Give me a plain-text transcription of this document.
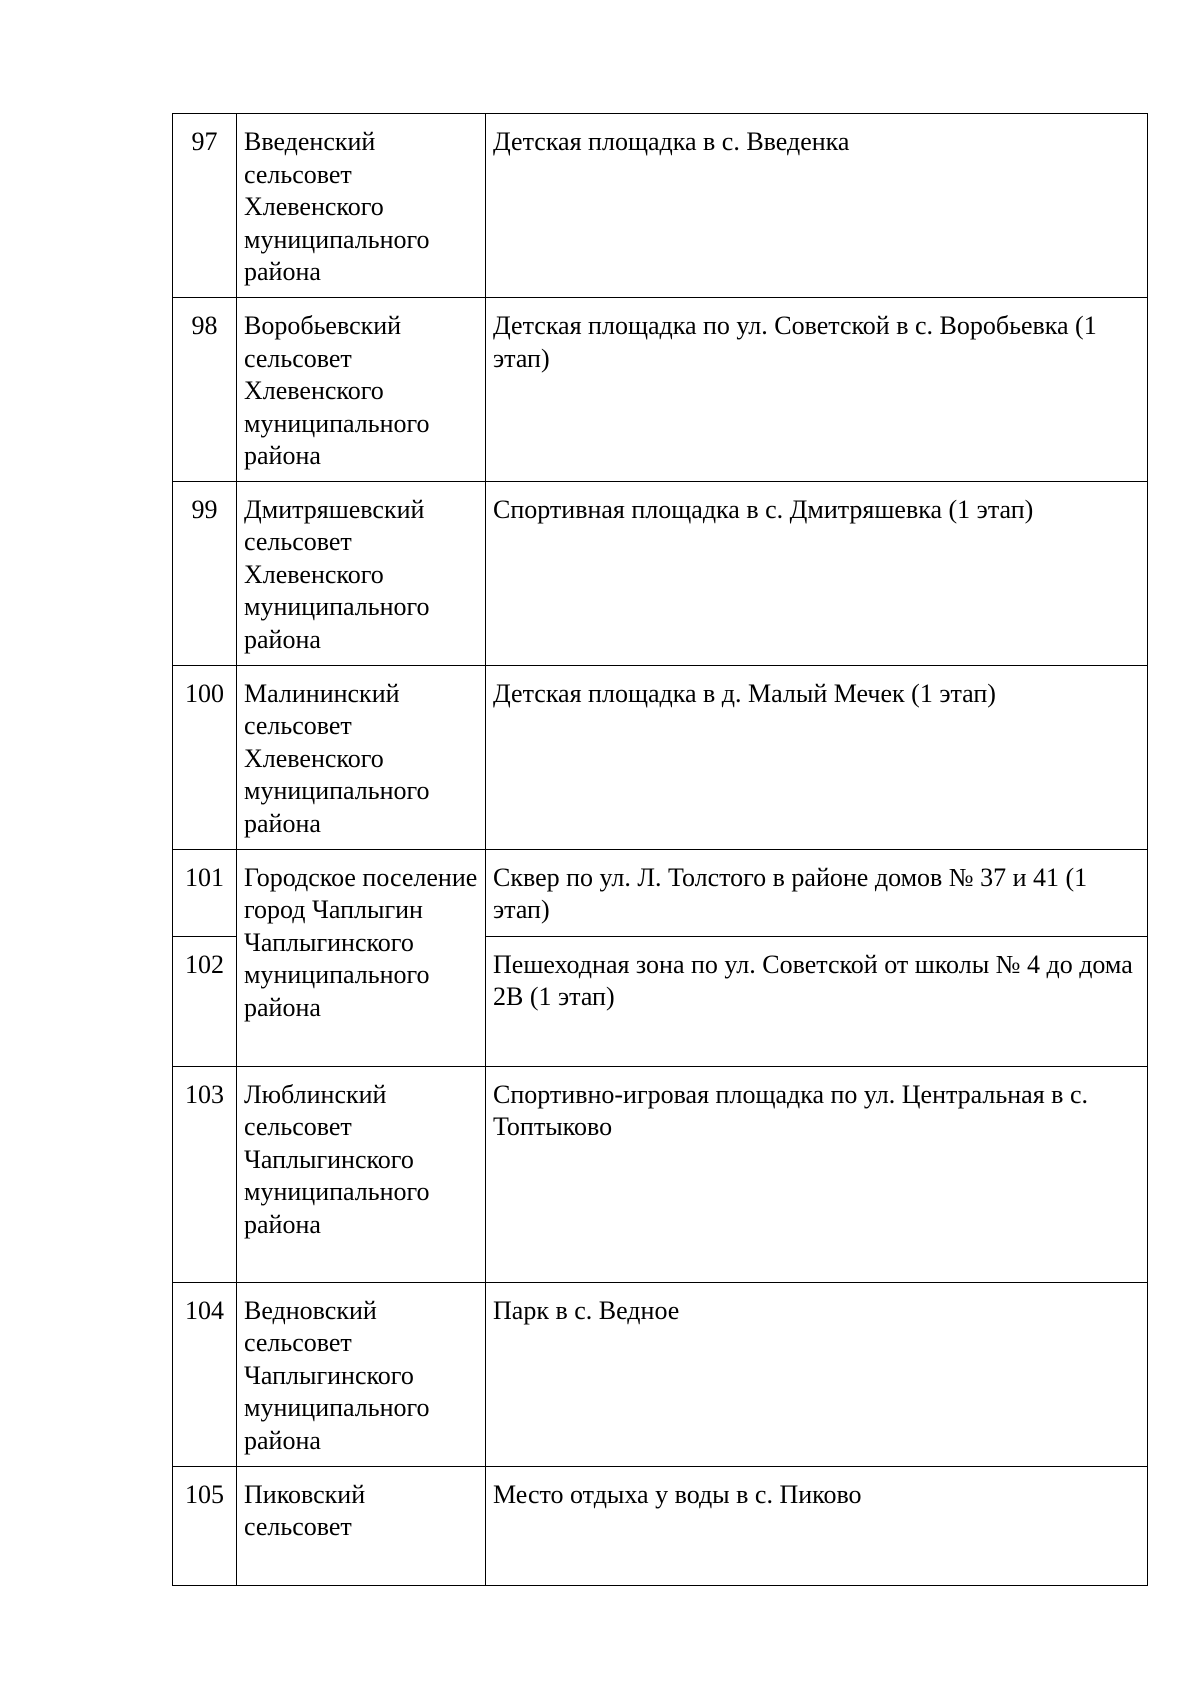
97	Введенский сельсовет Хлевенского муниципального района	Детская площадка в с. Введенка

98	Воробьевский сельсовет Хлевенского муниципального района	Детская площадка по ул. Советской в с. Воробьевка (1 этап)

99	Дмитряшевский сельсовет Хлевенского муниципального района	Спортивная площадка в с. Дмитряшевка (1 этап)

100	Малининский сельсовет Хлевенского муниципального района	Детская площадка в д. Малый Мечек (1 этап)

101	Городское поселение город Чаплыгин Чаплыгинского муниципального района	Сквер по ул. Л. Толстого в районе домов № 37 и 41 (1 этап)

102		Пешеходная зона по ул. Советской от школы № 4 до дома 2В (1 этап)

103	Люблинский сельсовет Чаплыгинского муниципального района	Спортивно-игровая площадка по ул. Центральная в с. Топтыково

104	Ведновский сельсовет Чаплыгинского муниципального района	Парк в с. Ведное

105	Пиковский сельсовет	Место отдыха у воды в с. Пиково
